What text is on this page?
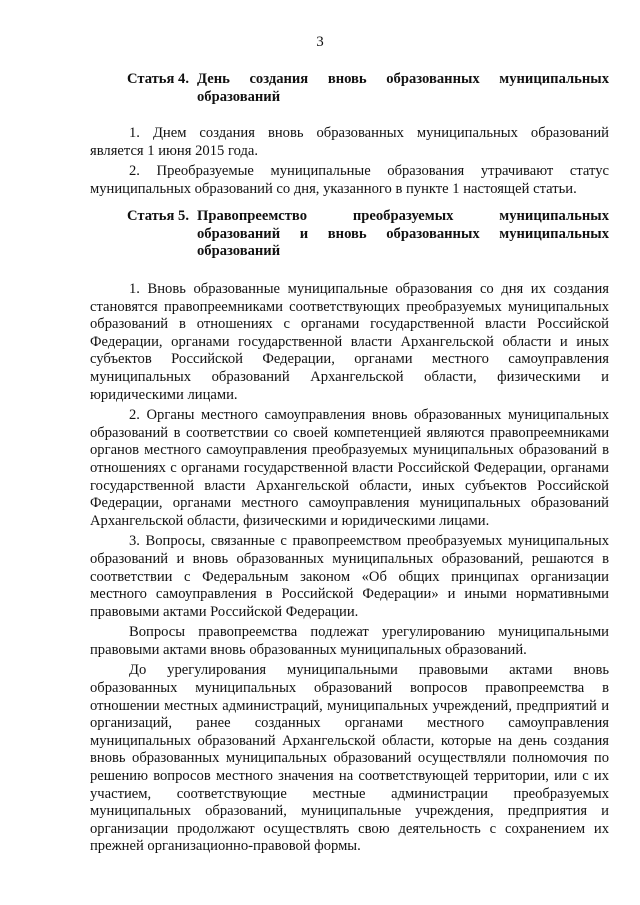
3
Статья 4. День создания вновь образованных муниципальных образований

1. Днем создания вновь образованных муниципальных образований является 1 июня 2015 года.

2. Преобразуемые муниципальные образования утрачивают статус муниципальных образований со дня, указанного в пункте 1 настоящей статьи.

Статья 5. Правопреемство преобразуемых муниципальных образований и вновь образованных муниципальных образований

1. Вновь образованные муниципальные образования со дня их создания становятся правопреемниками соответствующих преобразуемых муниципальных образований в отношениях с органами государственной власти Российской Федерации, органами государственной власти Архангельской области и иных субъектов Российской Федерации, органами местного самоуправления муниципальных образований Архангельской области, физическими и юридическими лицами.

2. Органы местного самоуправления вновь образованных муниципальных образований в соответствии со своей компетенцией являются правопреемниками органов местного самоуправления преобразуемых муниципальных образований в отношениях с органами государственной власти Российской Федерации, органами государственной власти Архангельской области, иных субъектов Российской Федерации, органами местного самоуправления муниципальных образований Архангельской области, физическими и юридическими лицами.

3. Вопросы, связанные с правопреемством преобразуемых муниципальных образований и вновь образованных муниципальных образований, решаются в соответствии с Федеральным законом «Об общих принципах организации местного самоуправления в Российской Федерации» и иными нормативными правовыми актами Российской Федерации.

Вопросы правопреемства подлежат урегулированию муниципальными правовыми актами вновь образованных муниципальных образований.

До урегулирования муниципальными правовыми актами вновь образованных муниципальных образований вопросов правопреемства в отношении местных администраций, муниципальных учреждений, предприятий и организаций, ранее созданных органами местного самоуправления муниципальных образований Архангельской области, которые на день создания вновь образованных муниципальных образований осуществляли полномочия по решению вопросов местного значения на соответствующей территории, или с их участием, соответствующие местные администрации преобразуемых муниципальных образований, муниципальные учреждения, предприятия и организации продолжают осуществлять свою деятельность с сохранением их прежней организационно-правовой формы.
